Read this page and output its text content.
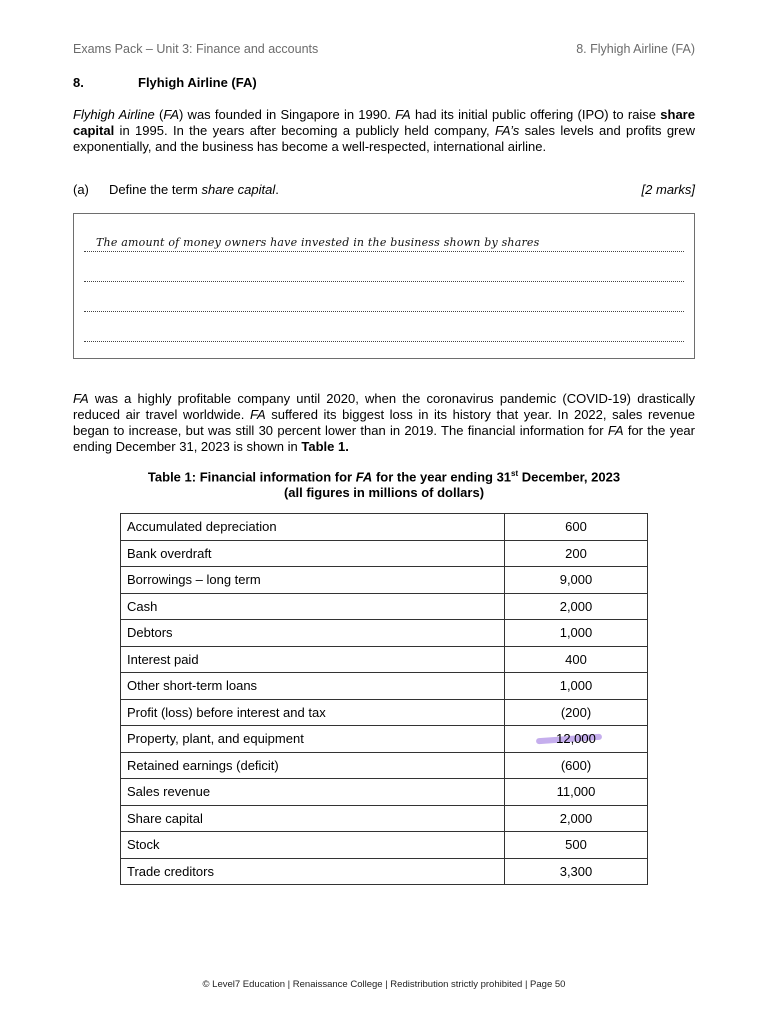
Exams Pack – Unit 3: Finance and accounts	8. Flyhigh Airline (FA)
8.	Flyhigh Airline (FA)
Flyhigh Airline (FA) was founded in Singapore in 1990. FA had its initial public offering (IPO) to raise share capital in 1995. In the years after becoming a publicly held company, FA’s sales levels and profits grew exponentially, and the business has become a well-respected, international airline.
(a) Define the term share capital.	[2 marks]
The amount of money owners have invested in the business shown by shares
FA was a highly profitable company until 2020, when the coronavirus pandemic (COVID-19) drastically reduced air travel worldwide. FA suffered its biggest loss in its history that year. In 2022, sales revenue began to increase, but was still 30 percent lower than in 2019. The financial information for FA for the year ending December 31, 2023 is shown in Table 1.
Table 1: Financial information for FA for the year ending 31st December, 2023
(all figures in millions of dollars)
Accumulated depreciation	600
Bank overdraft	200
Borrowings – long term	9,000
Cash	2,000
Debtors	1,000
Interest paid	400
Other short-term loans	1,000
Profit (loss) before interest and tax	(200)
Property, plant, and equipment	12,000
Retained earnings (deficit)	(600)
Sales revenue	11,000
Share capital	2,000
Stock	500
Trade creditors	3,300
© Level7 Education | Renaissance College | Redistribution strictly prohibited | Page 50
